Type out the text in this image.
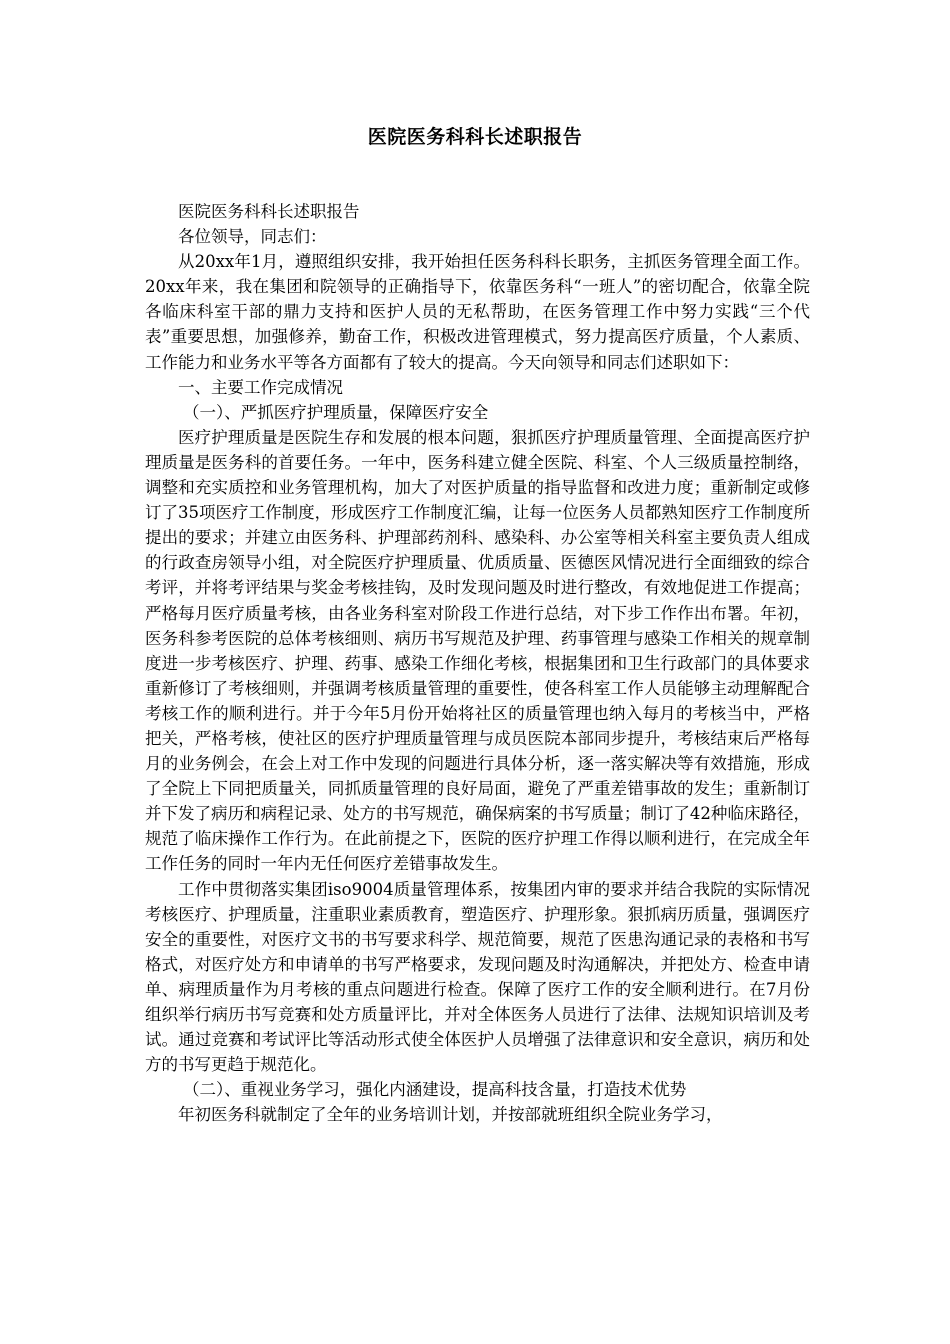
医院医务科科长述职报告

医院医务科科长述职报告

各位领导，同志们：

从20xx年1月，遵照组织安排，我开始担任医务科科长职务，主抓医务管理全面工作。20xx年来，我在集团和院领导的正确指导下，依靠医务科“一班人”的密切配合，依靠全院各临床科室干部的鼎力支持和医护人员的无私帮助，在医务管理工作中努力实践“三个代表”重要思想，加强修养，勤奋工作，积极改进管理模式，努力提高医疗质量，个人素质、工作能力和业务水平等各方面都有了较大的提高。今天向领导和同志们述职如下：

一、主要工作完成情况

（一）、严抓医疗护理质量，保障医疗安全

医疗护理质量是医院生存和发展的根本问题，狠抓医疗护理质量管理、全面提高医疗护理质量是医务科的首要任务。一年中，医务科建立健全医院、科室、个人三级质量控制络，调整和充实质控和业务管理机构，加大了对医护质量的指导监督和改进力度；重新制定或修订了35项医疗工作制度，形成医疗工作制度汇编，让每一位医务人员都熟知医疗工作制度所提出的要求；并建立由医务科、护理部药剂科、感染科、办公室等相关科室主要负责人组成的行政查房领导小组，对全院医疗护理质量、优质质量、医德医风情况进行全面细致的综合考评，并将考评结果与奖金考核挂钩，及时发现问题及时进行整改，有效地促进工作提高；严格每月医疗质量考核，由各业务科室对阶段工作进行总结，对下步工作作出布署。年初，医务科参考医院的总体考核细则、病历书写规范及护理、药事管理与感染工作相关的规章制度进一步考核医疗、护理、药事、感染工作细化考核，根据集团和卫生行政部门的具体要求重新修订了考核细则，并强调考核质量管理的重要性，使各科室工作人员能够主动理解配合考核工作的顺利进行。并于今年5月份开始将社区的质量管理也纳入每月的考核当中，严格把关，严格考核，使社区的医疗护理质量管理与成员医院本部同步提升，考核结束后严格每月的业务例会，在会上对工作中发现的问题进行具体分析，逐一落实解决等有效措施，形成了全院上下同把质量关，同抓质量管理的良好局面，避免了严重差错事故的发生；重新制订并下发了病历和病程记录、处方的书写规范，确保病案的书写质量；制订了42种临床路径，规范了临床操作工作行为。在此前提之下，医院的医疗护理工作得以顺利进行，在完成全年工作任务的同时一年内无任何医疗差错事故发生。

工作中贯彻落实集团iso9004质量管理体系，按集团内审的要求并结合我院的实际情况考核医疗、护理质量，注重职业素质教育，塑造医疗、护理形象。狠抓病历质量，强调医疗安全的重要性，对医疗文书的书写要求科学、规范简要，规范了医患沟通记录的表格和书写格式，对医疗处方和申请单的书写严格要求，发现问题及时沟通解决，并把处方、检查申请单、病理质量作为月考核的重点问题进行检查。保障了医疗工作的安全顺利进行。在7月份组织举行病历书写竞赛和处方质量评比，并对全体医务人员进行了法律、法规知识培训及考试。通过竞赛和考试评比等活动形式使全体医护人员增强了法律意识和安全意识，病历和处方的书写更趋于规范化。

（二）、重视业务学习，强化内涵建设，提高科技含量，打造技术优势

年初医务科就制定了全年的业务培训计划，并按部就班组织全院业务学习，
